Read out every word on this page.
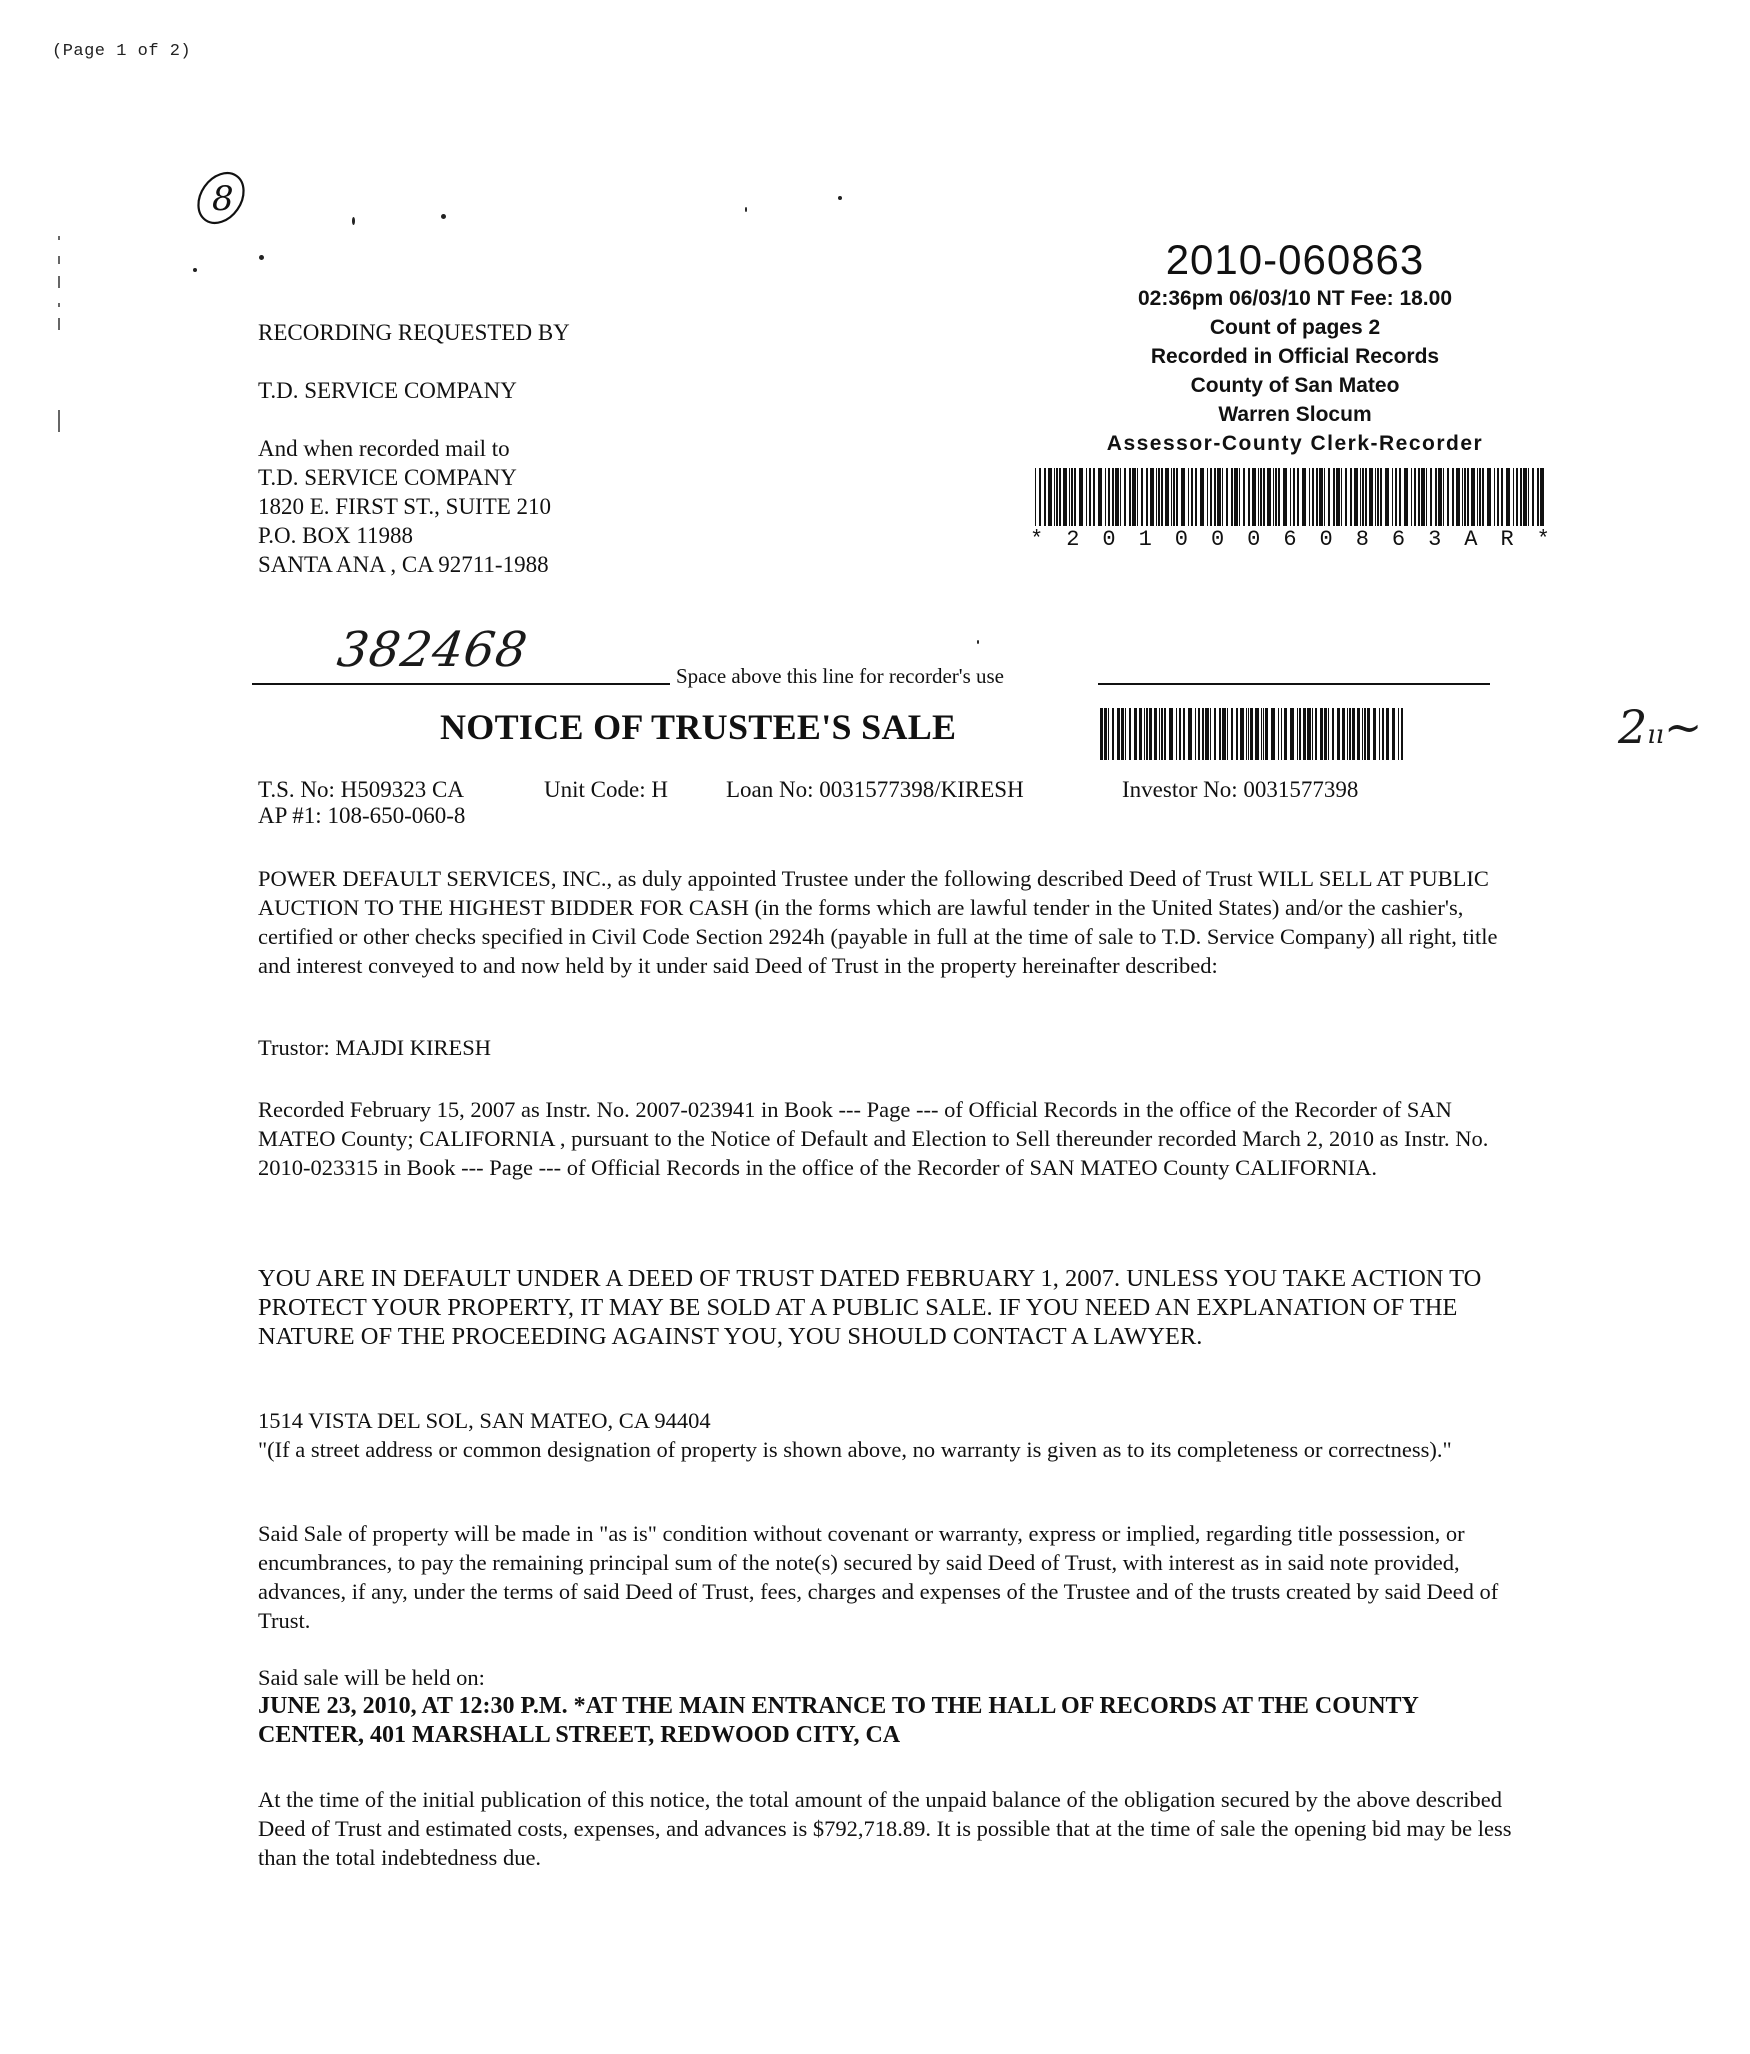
(Page 1 of 2)
8
RECORDING REQUESTED BY
T.D. SERVICE COMPANY
And when recorded mail to
T.D. SERVICE COMPANY
1820 E. FIRST ST., SUITE 210
P.O. BOX 11988
SANTA ANA , CA 92711-1988
2010-060863
02:36pm 06/03/10 NT Fee: 18.00
Count of pages 2
Recorded in Official Records
County of San Mateo
Warren Slocum
Assessor-County Clerk-Recorder
* 2 0 1 0 0 0 6 0 8 6 3 A R *
382468	Space above this line for recorder's use
NOTICE OF TRUSTEE'S SALE	2ıı~
T.S. No: H509323 CA	Unit Code: H	Loan No: 0031577398/KIRESH	Investor No: 0031577398
AP #1: 108-650-060-8

POWER DEFAULT SERVICES, INC., as duly appointed Trustee under the following described Deed of Trust WILL SELL AT PUBLIC AUCTION TO THE HIGHEST BIDDER FOR CASH (in the forms which are lawful tender in the United States) and/or the cashier's, certified or other checks specified in Civil Code Section 2924h (payable in full at the time of sale to T.D. Service Company) all right, title and interest conveyed to and now held by it under said Deed of Trust in the property hereinafter described:

Trustor: MAJDI KIRESH

Recorded February 15, 2007 as Instr. No. 2007-023941 in Book --- Page --- of Official Records in the office of the Recorder of SAN MATEO County; CALIFORNIA , pursuant to the Notice of Default and Election to Sell thereunder recorded March 2, 2010 as Instr. No. 2010-023315 in Book --- Page --- of Official Records in the office of the Recorder of SAN MATEO County CALIFORNIA.

YOU ARE IN DEFAULT UNDER A DEED OF TRUST DATED FEBRUARY 1, 2007. UNLESS YOU TAKE ACTION TO PROTECT YOUR PROPERTY, IT MAY BE SOLD AT A PUBLIC SALE. IF YOU NEED AN EXPLANATION OF THE NATURE OF THE PROCEEDING AGAINST YOU, YOU SHOULD CONTACT A LAWYER.

1514 VISTA DEL SOL, SAN MATEO, CA 94404

"(If a street address or common designation of property is shown above, no warranty is given as to its completeness or correctness)."

Said Sale of property will be made in "as is" condition without covenant or warranty, express or implied, regarding title possession, or encumbrances, to pay the remaining principal sum of the note(s) secured by said Deed of Trust, with interest as in said note provided, advances, if any, under the terms of said Deed of Trust, fees, charges and expenses of the Trustee and of the trusts created by said Deed of Trust.

Said sale will be held on:

JUNE 23, 2010, AT 12:30 P.M. *AT THE MAIN ENTRANCE TO THE HALL OF RECORDS AT THE COUNTY CENTER, 401 MARSHALL STREET, REDWOOD CITY, CA

At the time of the initial publication of this notice, the total amount of the unpaid balance of the obligation secured by the above described Deed of Trust and estimated costs, expenses, and advances is $792,718.89. It is possible that at the time of sale the opening bid may be less than the total indebtedness due.
